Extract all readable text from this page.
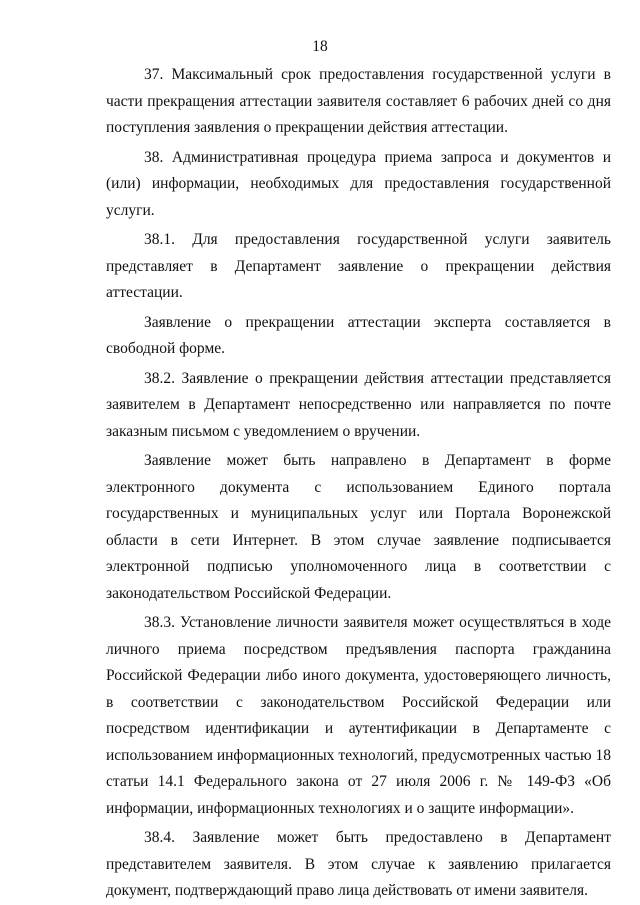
18

37. Максимальный срок предоставления государственной услуги в части прекращения аттестации заявителя составляет 6 рабочих дней со дня поступления заявления о прекращении действия аттестации.

38. Административная процедура приема запроса и документов и (или) информации, необходимых для предоставления государственной услуги.

38.1. Для предоставления государственной услуги заявитель представляет в Департамент заявление о прекращении действия аттестации.

Заявление о прекращении аттестации эксперта составляется в свободной форме.

38.2. Заявление о прекращении действия аттестации представляется заявителем в Департамент непосредственно или направляется по почте заказным письмом с уведомлением о вручении.

Заявление может быть направлено в Департамент в форме электронного документа с использованием Единого портала государственных и муниципальных услуг или Портала Воронежской области в сети Интернет. В этом случае заявление подписывается электронной подписью уполномоченного лица в соответствии с законодательством Российской Федерации.

38.3. Установление личности заявителя может осуществляться в ходе личного приема посредством предъявления паспорта гражданина Российской Федерации либо иного документа, удостоверяющего личность, в соответствии с законодательством Российской Федерации или посредством идентификации и аутентификации в Департаменте с использованием информационных технологий, предусмотренных частью 18 статьи 14.1 Федерального закона от 27 июля 2006 г. № 149-ФЗ «Об информации, информационных технологиях и о защите информации».

38.4. Заявление может быть предоставлено в Департамент представителем заявителя. В этом случае к заявлению прилагается документ, подтверждающий право лица действовать от имени заявителя.
